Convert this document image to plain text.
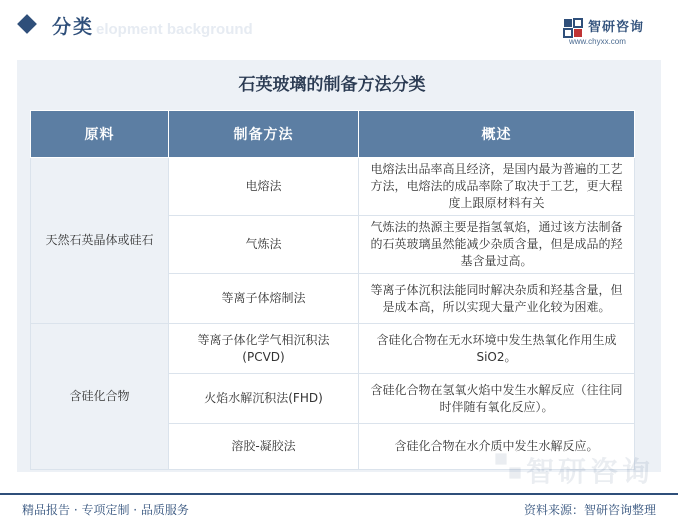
elopment background
分类	智研咨询
www.chyxx.com
石英玻璃的制备方法分类
原料	制备方法	概述
天然石英晶体或硅石	电熔法	电熔法出品率高且经济，是国内最为普遍的工艺方法，电熔法的成品率除了取决于工艺，更大程度上跟原材料有关
	气炼法	气炼法的热源主要是指氢氧焰，通过该方法制备的石英玻璃虽然能减少杂质含量，但是成品的羟基含量过高。
	等离子体熔制法	等离子体沉积法能同时解决杂质和羟基含量，但是成本高，所以实现大量产业化较为困难。
含硅化合物	等离子体化学气相沉积法(PCVD)	含硅化合物在无水环境中发生热氧化作用生成SiO2。
	火焰水解沉积法(FHD)	含硅化合物在氢氧火焰中发生水解反应（往往同时伴随有氧化反应）。
	溶胶-凝胶法	含硅化合物在水介质中发生水解反应。
智研咨询
精品报告 · 专项定制 · 品质服务	资料来源：智研咨询整理
